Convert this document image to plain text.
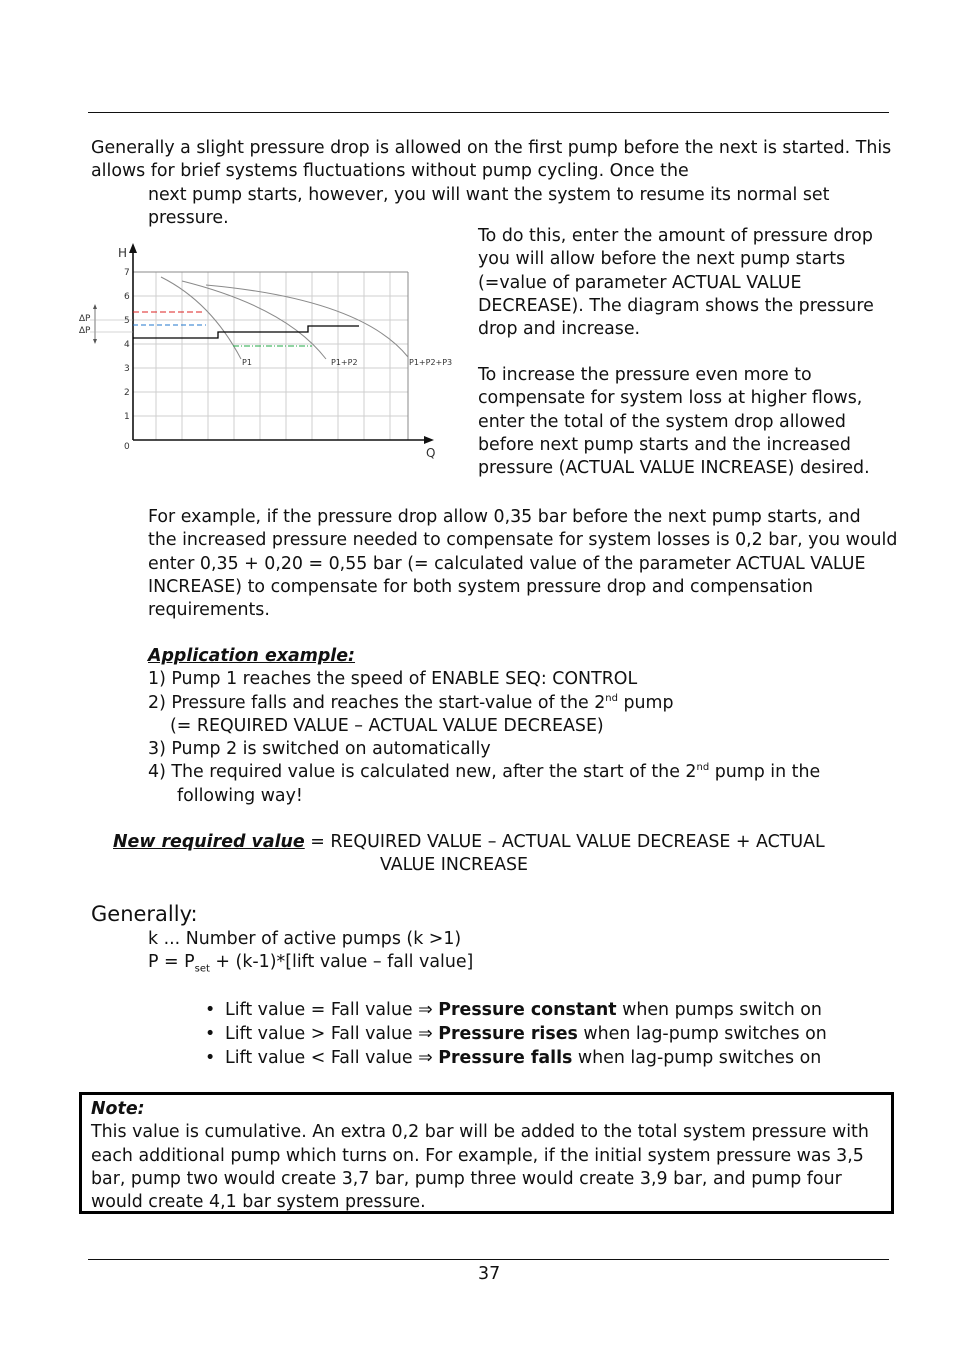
Generally a slight pressure drop is allowed on the first pump before the next is started. This
allows for brief systems fluctuations without pump cycling. Once the
next pump starts, however, you will want the system to resume its normal set
pressure.
H
Q
0
1
2
3
4
5
6
7
∆P
∆P
P1	P1+P2	P1+P2+P3
To do this, enter the amount of pressure drop
you will allow before the next pump starts
(=value of parameter ACTUAL VALUE
DECREASE). The diagram shows the pressure
drop and increase.
To increase the pressure even more to
compensate for system loss at higher flows,
enter the total of the system drop allowed
before next pump starts and the increased
pressure (ACTUAL VALUE INCREASE) desired.
For example, if the pressure drop allow 0,35 bar before the next pump starts, and
the increased pressure needed to compensate for system losses is 0,2 bar, you would
enter 0,35 + 0,20 = 0,55 bar (= calculated value of the parameter ACTUAL VALUE
INCREASE) to compensate for both system pressure drop and compensation
requirements.
Application example:
1) Pump 1 reaches the speed of ENABLE SEQ: CONTROL
2) Pressure falls and reaches the start-value of the 2nd pump
(= REQUIRED VALUE – ACTUAL VALUE DECREASE)
3) Pump 2 is switched on automatically
4) The required value is calculated new, after the start of the 2nd pump in the
following way!
New required value = REQUIRED VALUE – ACTUAL VALUE DECREASE + ACTUAL
VALUE INCREASE
Generally:
k ... Number of active pumps (k >1)
$P = P_{set}$ + (k-1)*[lift value – fall value]
• Lift value = Fall value ⇒ Pressure constant when pumps switch on
• Lift value > Fall value ⇒ Pressure rises when lag-pump switches on
• Lift value < Fall value ⇒ Pressure falls when lag-pump switches on
Note:
This value is cumulative. An extra 0,2 bar will be added to the total system pressure with
each additional pump which turns on. For example, if the initial system pressure was 3,5
bar, pump two would create 3,7 bar, pump three would create 3,9 bar, and pump four
would create 4,1 bar system pressure.
37
